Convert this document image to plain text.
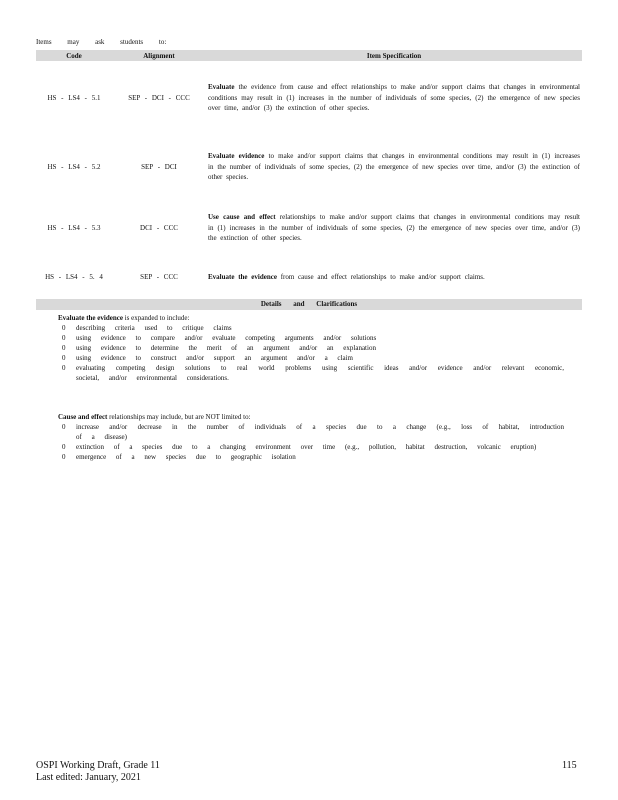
Items may ask students to:
Code	Alignment	Item Specification
HS - LS4 - 5.1	SEP - DCI - CCC	Evaluate the evidence from cause and effect relationships to make and/or support claims that changes in environmental conditions may result in (1) increases in the number of individuals of some species, (2) the emergence of new species over time, and/or (3) the extinction of other species.
HS - LS4 - 5.2	SEP - DCI	Evaluate evidence to make and/or support claims that changes in environmental conditions may result in (1) increases in the number of individuals of some species, (2) the emergence of new species over time, and/or (3) the extinction of other species.
HS - LS4 - 5.3	DCI - CCC	Use cause and effect relationships to make and/or support claims that changes in environmental conditions may result in (1) increases in the number of individuals of some species, (2) the emergence of new species over time, and/or (3) the extinction of other species.
HS - LS4 - 5. 4	SEP - CCC	Evaluate the evidence from cause and effect relationships to make and/or support claims.
Details and Clarifications
Evaluate the evidence is expanded to include:
0 describing criteria used to critique claims
0 using evidence to compare and/or evaluate competing arguments and/or solutions
0 using evidence to determine the merit of an argument and/or an explanation
0 using evidence to construct and/or support an argument and/or a claim
0 evaluating competing design solutions to real world problems using scientific ideas and/or evidence and/or relevant economic, societal, and/or environmental considerations.
Cause and effect relationships may include, but are NOT limited to:
0 increase and/or decrease in the number of individuals of a species due to a change (e.g., loss of habitat, introduction of a disease)
0 extinction of a species due to a changing environment over time (e.g., pollution, habitat destruction, volcanic eruption)
0 emergence of a new species due to geographic isolation
OSPI Working Draft, Grade 11
Last edited: January, 2021
115
